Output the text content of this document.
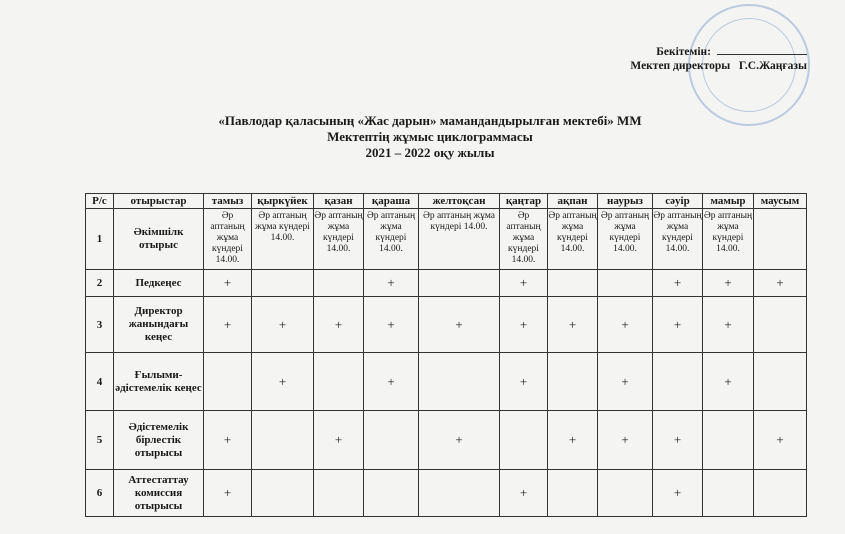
Бекітемін:
Мектеп директоры Г.С.Жаңғазы
«Павлодар қаласының «Жас дарын» мамандандырылған мектебі» ММ
Мектептің жұмыс циклограммасы
2021 – 2022 оқу жылы
Р/с	отырыстар	тамыз	қыркүйек	қазан	қараша	желтоқсан	қаңтар	ақпан	наурыз	сәуір	мамыр	маусым
1	Әкімшілк отырыс	Әр аптаның жұма күндері 14.00.	Әр аптаның жұма күндері 14.00.	Әр аптаның жұма күндері 14.00.	Әр аптаның жұма күндері 14.00.	Әр аптаның жұма күндері 14.00.	Әр аптаның жұма күндері 14.00.	Әр аптаның жұма күндері 14.00.	Әр аптаның жұма күндері 14.00.	Әр аптаның жұма күндері 14.00.	Әр аптаның жұма күндері 14.00.	
2	Педкеңес	+			+		+			+	+	+
3	Директор жанындағы кеңес	+	+	+	+	+	+	+	+	+	+	
4	Ғылыми-әдістемелік кеңес		+		+		+		+		+	
5	Әдістемелік бірлестік отырысы	+		+		+		+	+	+		+
6	Аттестаттау комиссия отырысы	+					+			+		
